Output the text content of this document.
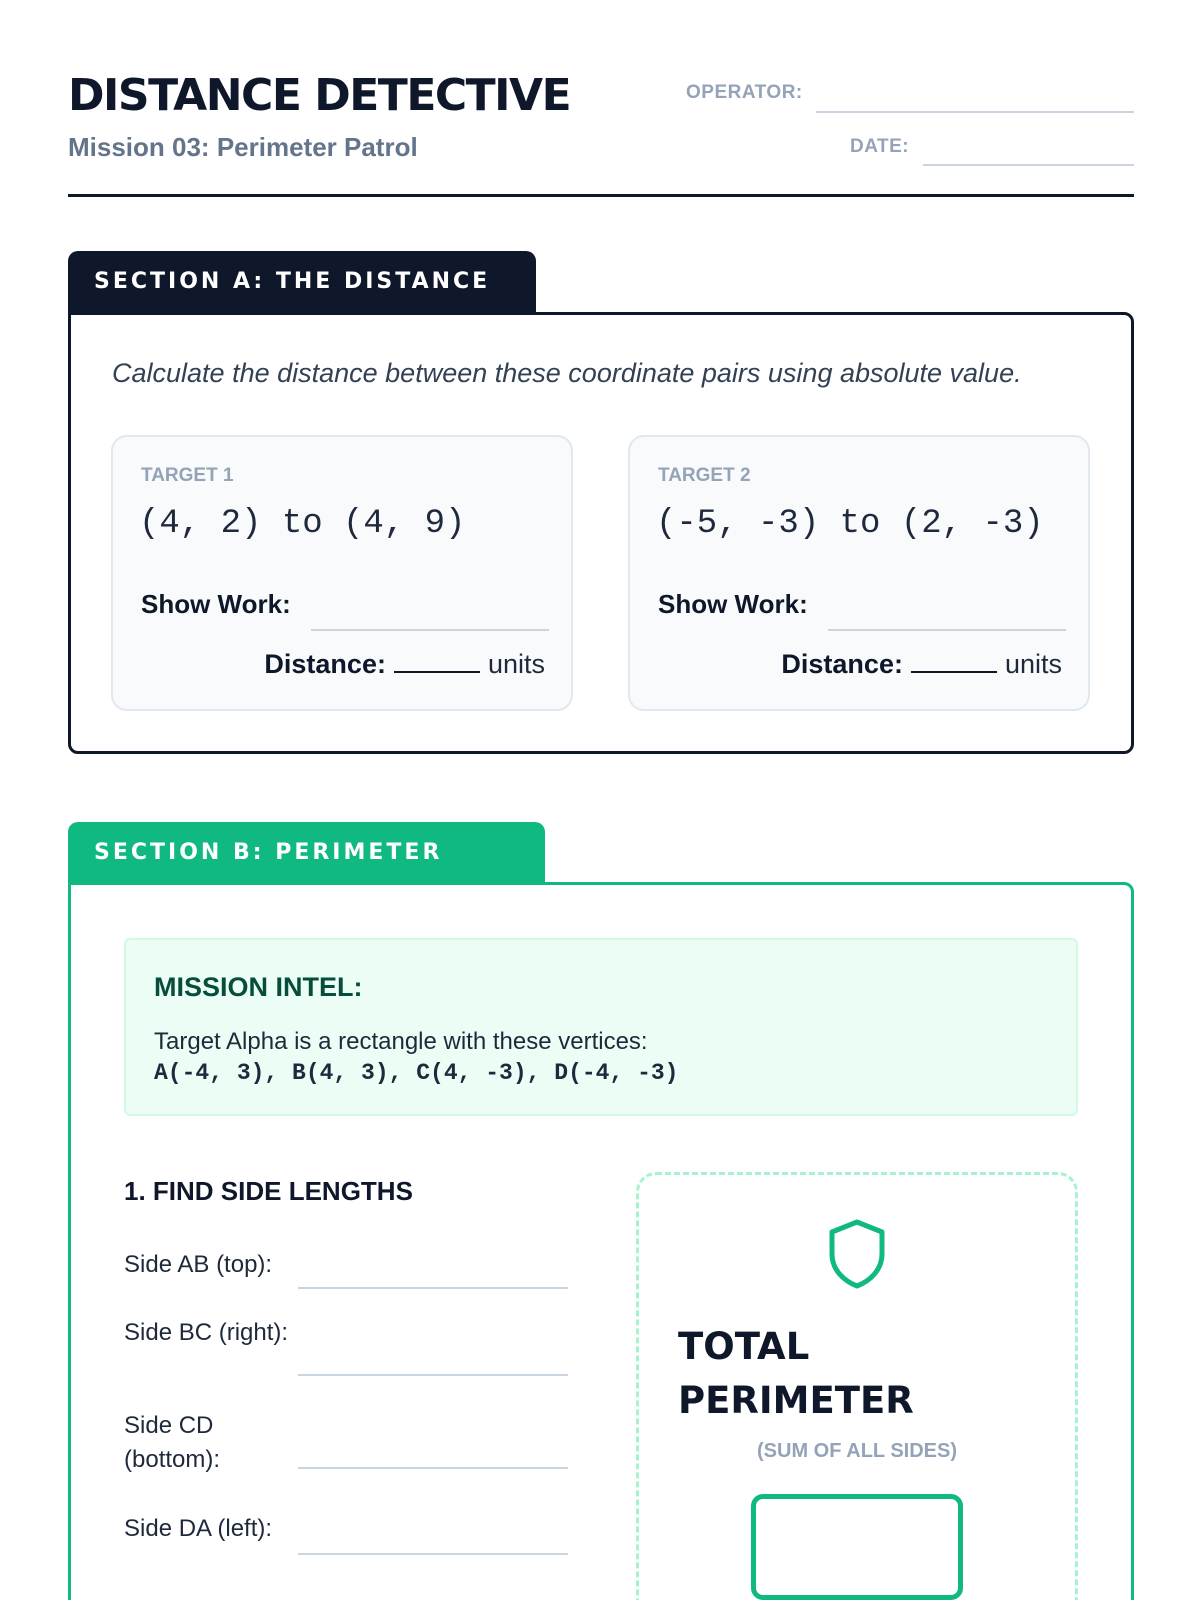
DISTANCE DETECTIVE
Mission 03: Perimeter Patrol
OPERATOR:
DATE:
SECTION A: THE DISTANCE LAB
Calculate the distance between these coordinate pairs using absolute value.
TARGET 1
(4, 2) to (4, 9)
Show Work:
Distance:	units
TARGET 2
(-5, -3) to (2, -3)
Show Work:
Distance:	units
SECTION B: PERIMETER PATROL
MISSION INTEL:
Target Alpha is a rectangle with these vertices:
A(-4, 3), B(4, 3), C(4, -3), D(-4, -3)
1. FIND SIDE LENGTHS
Side AB (top):
Side BC (right):
Side CD (bottom):
Side DA (left):
TOTAL PERIMETER
(SUM OF ALL SIDES)
